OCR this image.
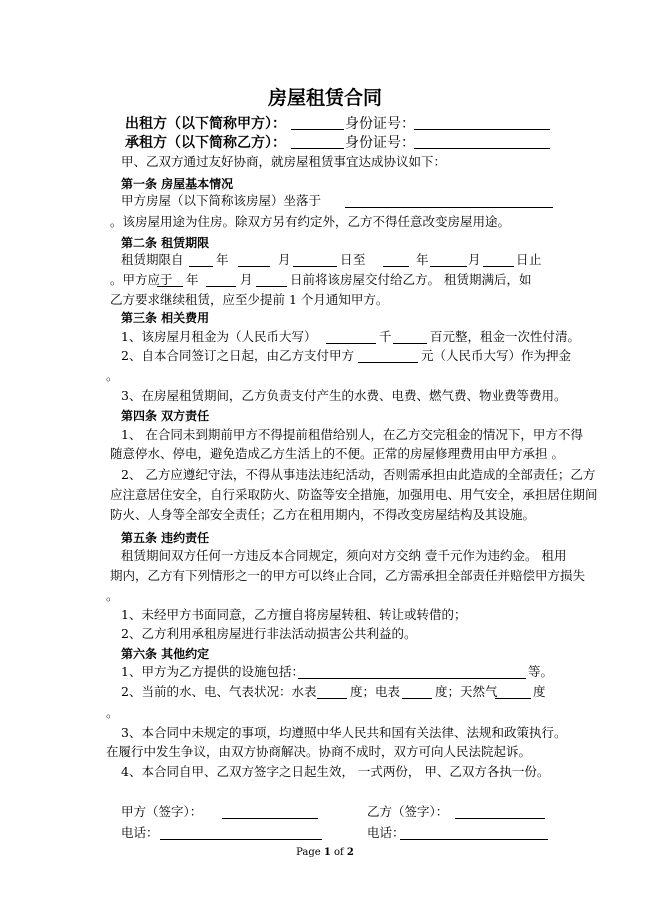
房屋租赁合同
出租方（以下简称甲方）：	身份证号：
承租方（以下简称乙方）：	身份证号：
甲、乙双方通过友好协商，就房屋租赁事宜达成协议如下：
第一条 房屋基本情况
甲方房屋（以下简称该房屋）坐落于
。该房屋用途为住房。除双方另有约定外，乙方不得任意改变房屋用途。
第二条 租赁期限
租赁期限自	年	月	日 至	年	月	日 止
。甲方应于 年	月	日前将该房屋交付给乙方。 租赁期满后，如
乙方要求继续租赁，应至少提前 1 个月通知甲方。
第三条 相关费用
1、该房屋月租金为（人民币大写）	千	百元整，租金一次性付清。
2、自本合同签订之日起，由乙方支付甲方	元（人民币大写）作为押金
。
3、在房屋租赁期间，乙方负责支付产生的水费、电费、燃气费、物业费等费用。
第四条 双方责任
1、 在合同未到期前甲方不得提前租借给别人，在乙方交完租金的情况下，甲方不得
随意停水、停电，避免造成乙方生活上的不便。正常的房屋修理费用由甲方承担 。
2、 乙方应遵纪守法，不得从事违法违纪活动，否则需承担由此造成的全部责任；乙方
应注意居住安全，自行采取防火、防盗等安全措施，加强用电、用气安全，承担居住期间
防火、人身等全部安全责任；乙方在租用期内，不得改变房屋结构及其设施。
第五条 违约责任
租赁期间双方任何一方违反本合同规定，须向对方交纳 壹千元作为违约金。 租用
期内，乙方有下列情形之一的甲方可以终止合同，乙方需承担全部责任并赔偿甲方损失
。
1、未经甲方书面同意，乙方擅自将房屋转租、转让或转借的；
2、乙方利用承租房屋进行非法活动损害公共利益的。
第六条 其他约定
1、甲方为乙方提供的设施包括：	等。
2、当前的水、电、气表状况：水表	度；电表	度；天然气	度
。
3、本合同中未规定的事项，均遵照中华人民共和国有关法律、法规和政策执行。
在履行中发生争议，由双方协商解决。协商不成时，双方可向人民法院起诉。
4、本合同自甲、乙双方签字之日起生效， 一式两份， 甲、乙双方各执一份。
甲方（签字）：	乙方（签字）：
电话：	电话：
Page 1 of 2
